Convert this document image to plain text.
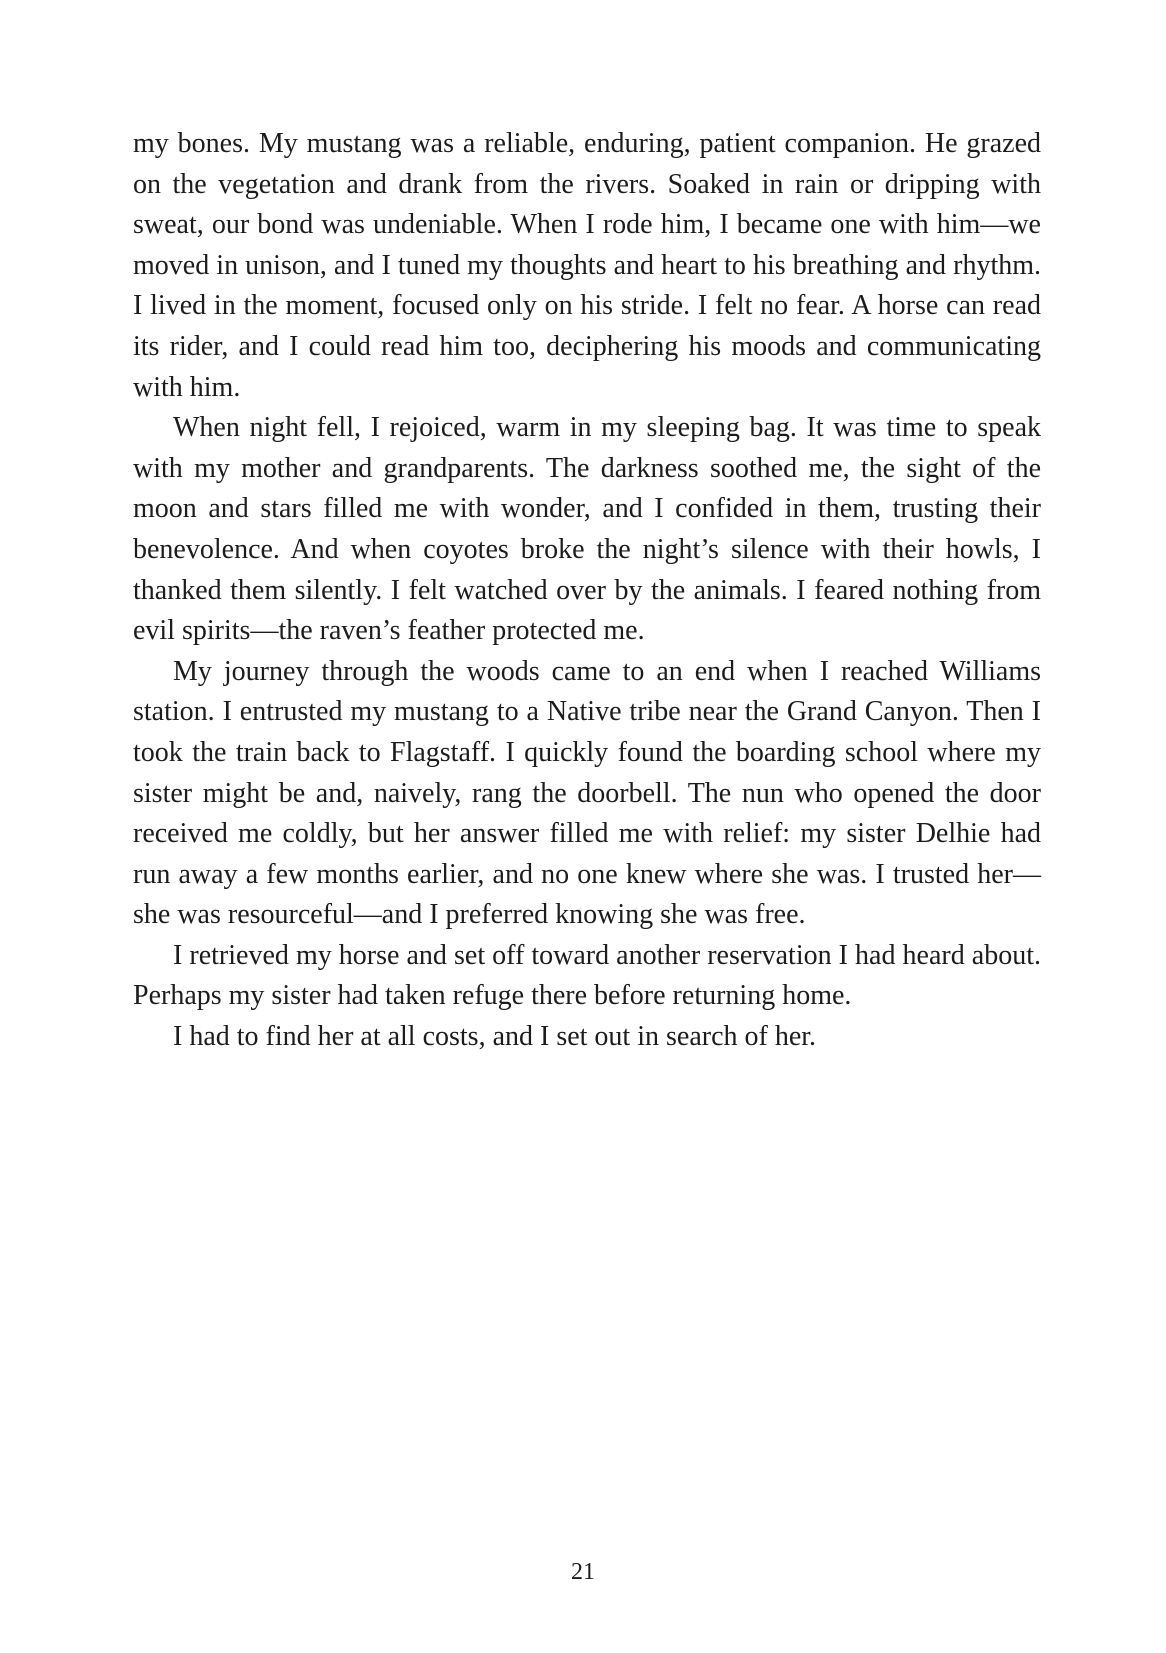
my bones. My mustang was a reliable, enduring, patient companion. He grazed on the vegetation and drank from the rivers. Soaked in rain or dripping with sweat, our bond was undeniable. When I rode him, I became one with him—we moved in unison, and I tuned my thoughts and heart to his breathing and rhythm. I lived in the moment, focused only on his stride. I felt no fear. A horse can read its rider, and I could read him too, deciphering his moods and communicating with him.

When night fell, I rejoiced, warm in my sleeping bag. It was time to speak with my mother and grandparents. The darkness soothed me, the sight of the moon and stars filled me with wonder, and I confided in them, trusting their benevolence. And when coyotes broke the night’s silence with their howls, I thanked them silently. I felt watched over by the animals. I feared nothing from evil spirits—the raven’s feather protected me.

My journey through the woods came to an end when I reached Williams station. I entrusted my mustang to a Native tribe near the Grand Canyon. Then I took the train back to Flagstaff. I quickly found the boarding school where my sister might be and, naively, rang the doorbell. The nun who opened the door received me coldly, but her answer filled me with relief: my sister Delhie had run away a few months earlier, and no one knew where she was. I trusted her—she was resourceful—and I preferred knowing she was free.

I retrieved my horse and set off toward another reservation I had heard about. Perhaps my sister had taken refuge there before returning home.

I had to find her at all costs, and I set out in search of her.

21
